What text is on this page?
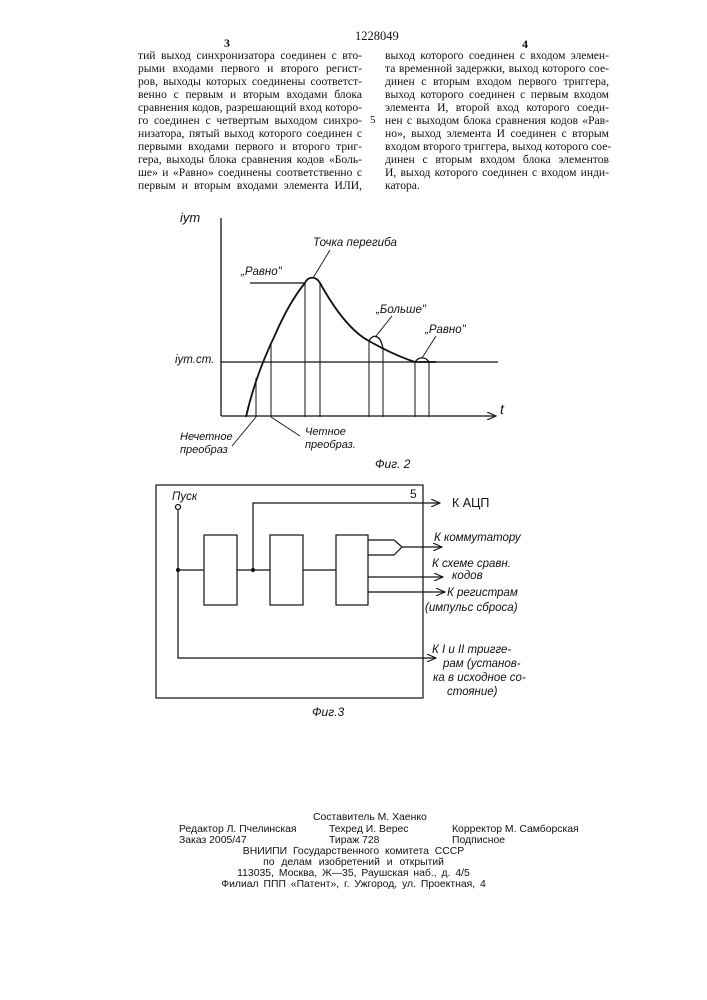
3	1228049
4
5
тий выход синхронизатора соединен с вто-
рыми входами первого и второго регист-
ров, выходы которых соединены соответст-
венно с первым и вторым входами блока
сравнения кодов, разрешающий вход которо-
го соединен с четвертым выходом синхро-
низатора, пятый выход которого соединен с
первыми входами первого и второго триг-
гера, выходы блока сравнения кодов «Боль-
ше» и «Равно» соединены соответственно с
первым и вторым входами элемента ИЛИ,
выход которого соединен с входом элемен-
та временной задержки, выход которого сое-
динен с вторым входом первого триггера,
выход которого соединен с первым входом
элемента И, второй вход которого соеди-
нен с выходом блока сравнения кодов «Рав-
но», выход элемента И соединен с вторым
входом второго триггера, выход которого сое-
динен с вторым входом блока элементов
И, выход которого соединен с входом инди-
катора.
iут
t
iут.ст.
Точка перегиба
„Равно"
„Больше"
„Равно"
Нечетное
преобраз
Четное
преобраз.
Фиг. 2
Пуск	5
К АЦП
К коммутатору
К схеме сравн.
кодов
К регистрам
(импульс сброса)
К I и II тригге-
рам (установ-
ка в исходное со-
стояние)
Фиг.3
Составитель М. Хаенко
Редактор Л. Пчелинская	Техред И. Верес	Корректор М. Самборская
Заказ 2005/47	Тираж 728	Подписное
ВНИИПИ Государственного комитета СССР
по делам изобретений и открытий
113035, Москва, Ж—35, Раушская наб., д. 4/5
Филиал ППП «Патент», г. Ужгород, ул. Проектная, 4
